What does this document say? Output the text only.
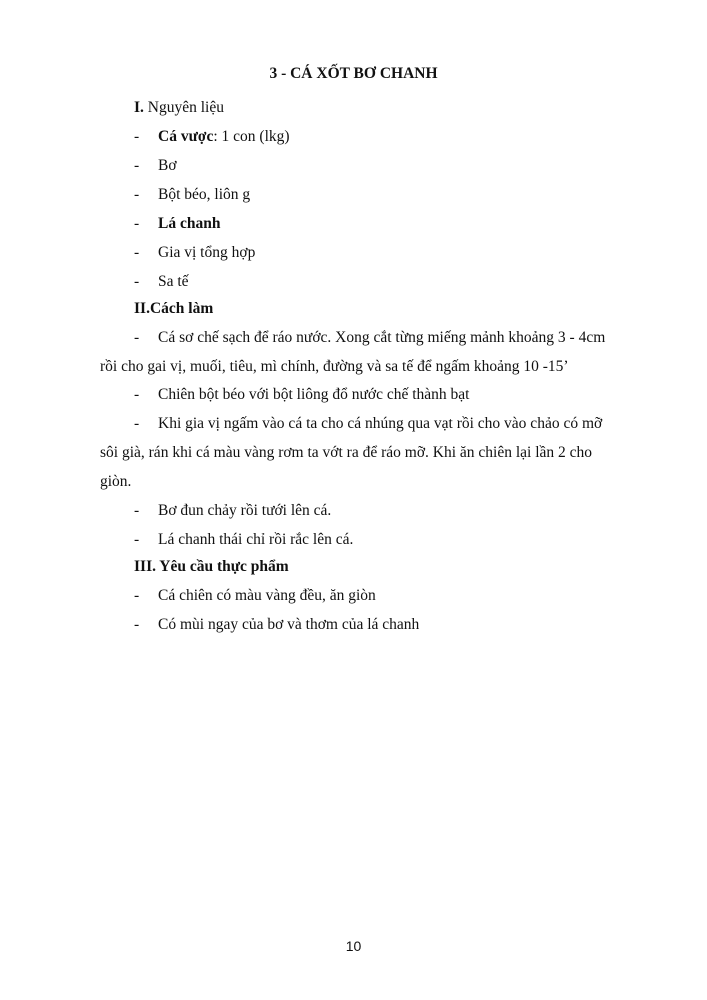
3 - CÁ XỐT BƠ CHANH
I. Nguyên liệu
- Cá vược: 1 con (lkg)
- Bơ
- Bột béo, liôn g
- Lá chanh
- Gia vị tổng hợp
- Sa tế
II.Cách làm
- Cá sơ chế sạch để ráo nước. Xong cắt từng miếng mảnh khoảng 3 - 4cm
rồi cho gai vị, muối, tiêu, mì chính, đường và sa tế để ngấm khoảng 10 -15’
- Chiên bột béo với bột liông đổ nước chế thành bạt
- Khi gia vị ngấm vào cá ta cho cá nhúng qua vạt rồi cho vào chảo có mỡ
sôi già, rán khi cá màu vàng rơm ta vớt ra để ráo mỡ. Khi ăn chiên lại lần 2 cho
giòn.
- Bơ đun chảy rồi tưới lên cá.
- Lá chanh thái chỉ rồi rắc lên cá.
III. Yêu cầu thực phẩm
- Cá chiên có màu vàng đều, ăn giòn
- Có mùi ngay của bơ và thơm của lá chanh
10
